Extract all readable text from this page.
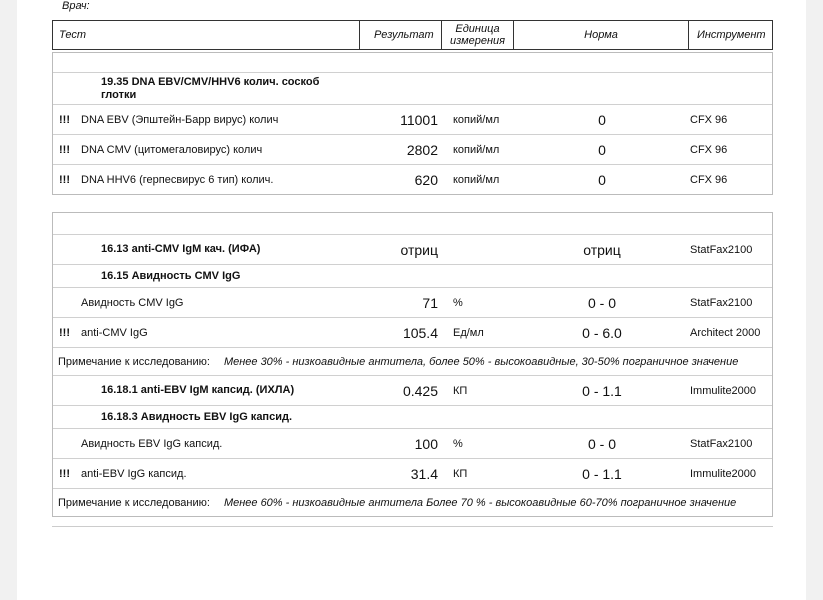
Врач:
Тест	Результат	Единица измерения	Норма	Инструмент
19.35 DNA EBV/CMV/HHV6 колич. соскоб глотки
!!! DNA EBV (Эпштейн-Барр вирус) колич	11001 копий/мл	0	CFX 96
!!! DNA CMV (цитомегаловирус) колич	2802 копий/мл	0	CFX 96
!!! DNA HHV6 (герпесвирус 6 тип) колич.	620 копий/мл	0	CFX 96
16.13 anti-CMV IgM кач. (ИФА)	отриц	отриц	StatFax2100
16.15 Авидность CMV IgG
Авидность CMV IgG	71 %	0 - 0	StatFax2100
!!! anti-CMV IgG	105.4 Ед/мл	0 - 6.0	Architect 2000
Примечание к исследованию: Менее 30% - низкоавидные антитела, более 50% - высокоавидные, 30-50% пограничное значение
16.18.1 anti-EBV IgM капсид. (ИХЛА)	0.425 КП	0 - 1.1	Immulite2000
16.18.3 Авидность EBV IgG капсид.
Авидность EBV IgG капсид.	100 %	0 - 0	StatFax2100
!!! anti-EBV IgG капсид.	31.4 КП	0 - 1.1	Immulite2000
Примечание к исследованию: Менее 60% - низкоавидные антитела Более 70 % - высокоавидные 60-70% пограничное значение
